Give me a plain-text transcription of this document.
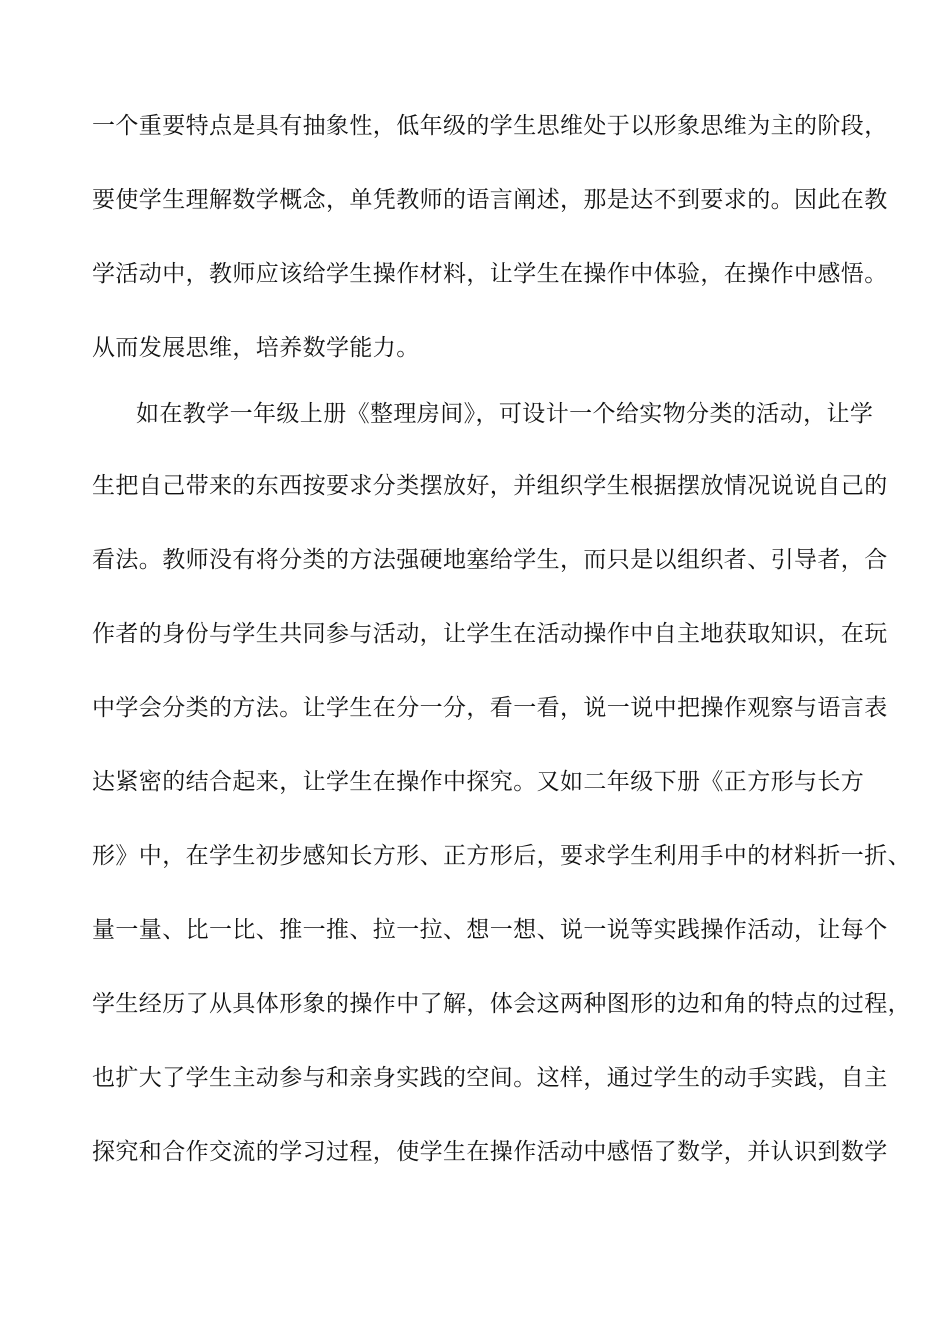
一个重要特点是具有抽象性，低年级的学生思维处于以形象思维为主的阶段，
要使学生理解数学概念，单凭教师的语言阐述，那是达不到要求的。因此在教
学活动中，教师应该给学生操作材料，让学生在操作中体验，在操作中感悟。
从而发展思维，培养数学能力。
如在教学一年级上册《整理房间》，可设计一个给实物分类的活动，让学
生把自己带来的东西按要求分类摆放好，并组织学生根据摆放情况说说自己的
看法。教师没有将分类的方法强硬地塞给学生，而只是以组织者、引导者，合
作者的身份与学生共同参与活动，让学生在活动操作中自主地获取知识，在玩
中学会分类的方法。让学生在分一分，看一看，说一说中把操作观察与语言表
达紧密的结合起来，让学生在操作中探究。又如二年级下册《正方形与长方
形》中，在学生初步感知长方形、正方形后，要求学生利用手中的材料折一折、
量一量、比一比、推一推、拉一拉、想一想、说一说等实践操作活动，让每个
学生经历了从具体形象的操作中了解，体会这两种图形的边和角的特点的过程，
也扩大了学生主动参与和亲身实践的空间。这样，通过学生的动手实践，自主
探究和合作交流的学习过程，使学生在操作活动中感悟了数学，并认识到数学
